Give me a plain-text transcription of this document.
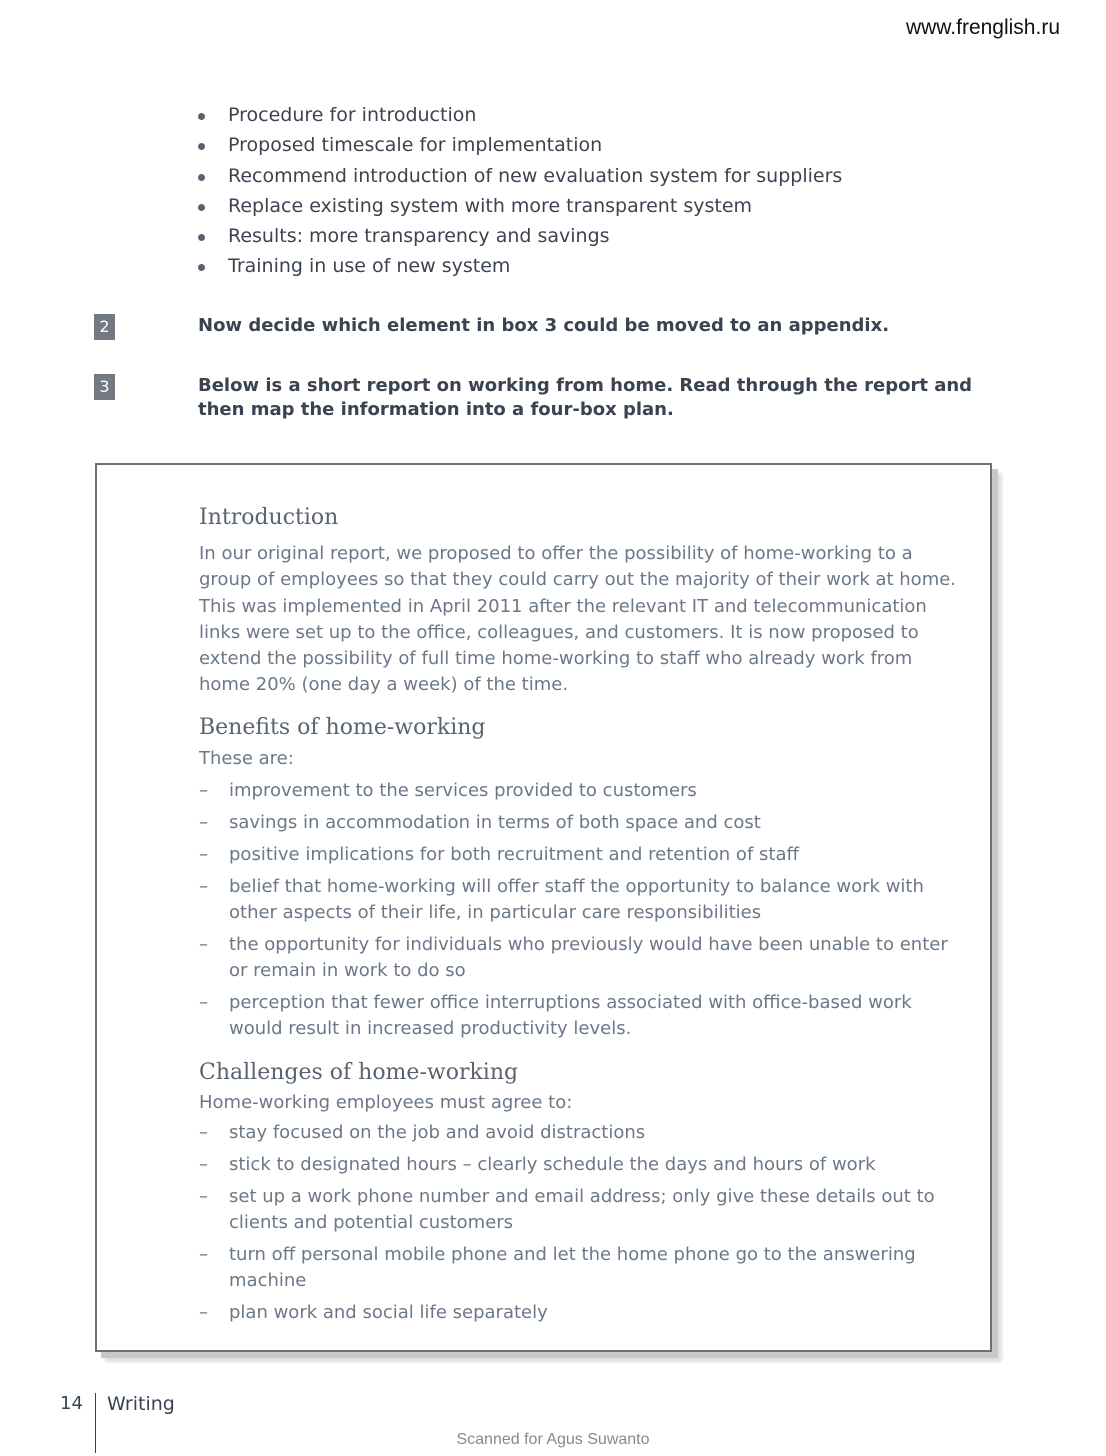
www.frenglish.ru
Procedure for introduction
Proposed timescale for implementation
Recommend introduction of new evaluation system for suppliers
Replace existing system with more transparent system
Results: more transparency and savings
Training in use of new system
2	Now decide which element in box 3 could be moved to an appendix.
3	Below is a short report on working from home. Read through the report and then map the information into a four-box plan.
Introduction

In our original report, we proposed to offer the possibility of home-working to a group of employees so that they could carry out the majority of their work at home. This was implemented in April 2011 after the relevant IT and telecommunication links were set up to the office, colleagues, and customers. It is now proposed to extend the possibility of full time home-working to staff who already work from home 20% (one day a week) of the time.

Benefits of home-working

These are:

– improvement to the services provided to customers
– savings in accommodation in terms of both space and cost
– positive implications for both recruitment and retention of staff
– belief that home-working will offer staff the opportunity to balance work with other aspects of their life, in particular care responsibilities
– the opportunity for individuals who previously would have been unable to enter or remain in work to do so
– perception that fewer office interruptions associated with office-based work would result in increased productivity levels.
Challenges of home-working

Home-working employees must agree to:

– stay focused on the job and avoid distractions
– stick to designated hours – clearly schedule the days and hours of work
– set up a work phone number and email address; only give these details out to clients and potential customers
– turn off personal mobile phone and let the home phone go to the answering machine
– plan work and social life separately
14 Writing
Scanned for Agus Suwanto
